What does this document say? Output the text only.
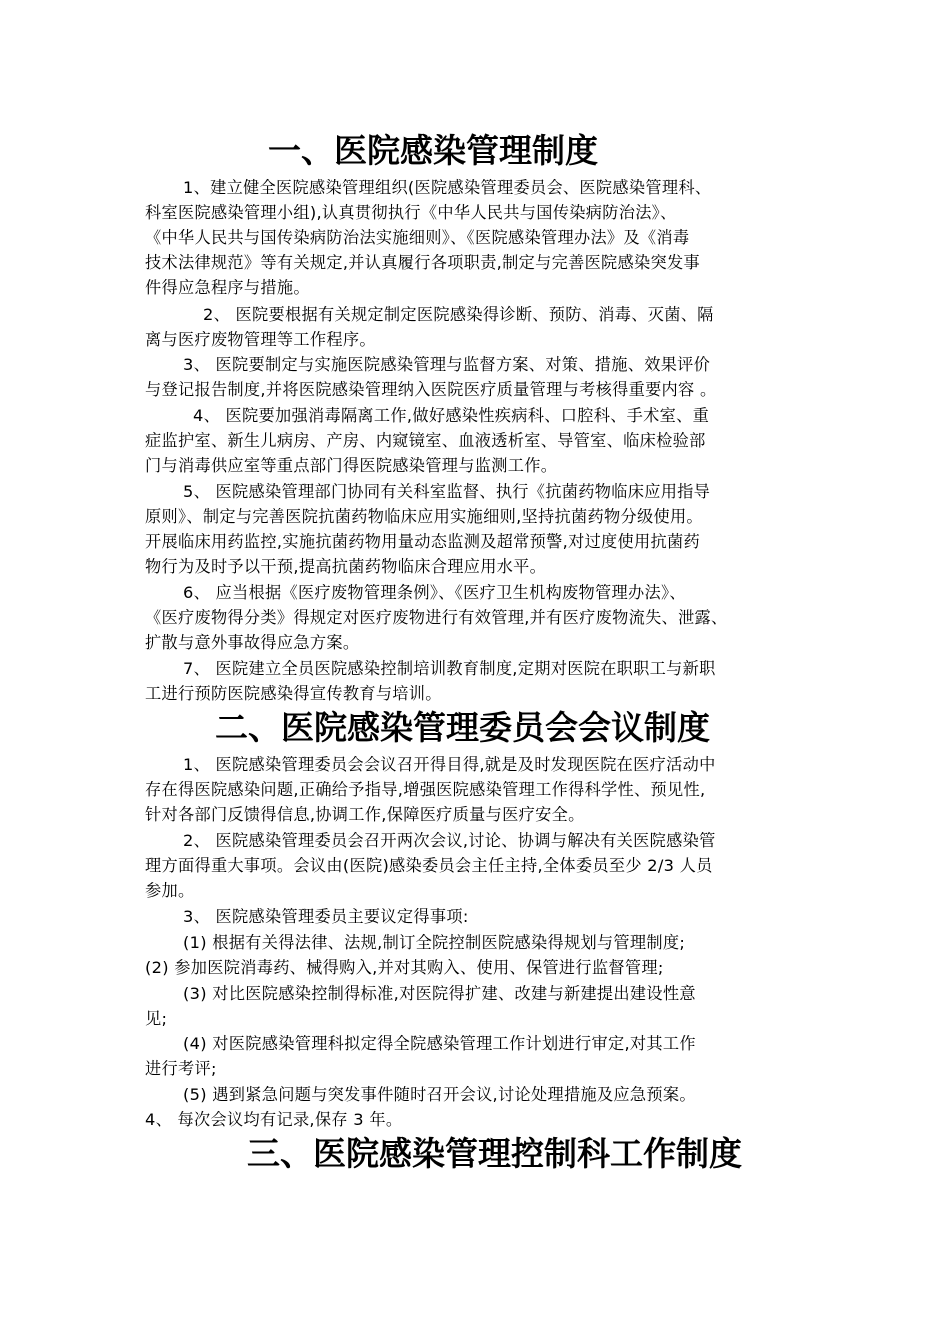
一、医院感染管理制度
1、建立健全医院感染管理组织(医院感染管理委员会、医院感染管理科、
科室医院感染管理小组),认真贯彻执行《中华人民共与国传染病防治法》、
《中华人民共与国传染病防治法实施细则》、《医院感染管理办法》及《消毒
技术法律规范》等有关规定,并认真履行各项职责,制定与完善医院感染突发事
件得应急程序与措施。
2、 医院要根据有关规定制定医院感染得诊断、预防、消毒、灭菌、隔
离与医疗废物管理等工作程序。
3、 医院要制定与实施医院感染管理与监督方案、对策、措施、效果评价
与登记报告制度,并将医院感染管理纳入医院医疗质量管理与考核得重要内容 。
4、 医院要加强消毒隔离工作,做好感染性疾病科、口腔科、手术室、重
症监护室、新生儿病房、产房、内窥镜室、血液透析室、导管室、临床检验部
门与消毒供应室等重点部门得医院感染管理与监测工作。
5、 医院感染管理部门协同有关科室监督、执行《抗菌药物临床应用指导
原则》、制定与完善医院抗菌药物临床应用实施细则,坚持抗菌药物分级使用。
开展临床用药监控,实施抗菌药物用量动态监测及超常预警,对过度使用抗菌药
物行为及时予以干预,提高抗菌药物临床合理应用水平。
6、 应当根据《医疗废物管理条例》、《医疗卫生机构废物管理办法》、
《医疗废物得分类》得规定对医疗废物进行有效管理,并有医疗废物流失、泄露、
扩散与意外事故得应急方案。
7、 医院建立全员医院感染控制培训教育制度,定期对医院在职职工与新职
工进行预防医院感染得宣传教育与培训。
二、医院感染管理委员会会议制度
1、 医院感染管理委员会会议召开得目得,就是及时发现医院在医疗活动中
存在得医院感染问题,正确给予指导,增强医院感染管理工作得科学性、预见性,
针对各部门反馈得信息,协调工作,保障医疗质量与医疗安全。
2、 医院感染管理委员会召开两次会议,讨论、协调与解决有关医院感染管
理方面得重大事项。会议由(医院)感染委员会主任主持,全体委员至少 2/3 人员
参加。
3、 医院感染管理委员主要议定得事项:
(1) 根据有关得法律、法规,制订全院控制医院感染得规划与管理制度;
(2) 参加医院消毒药、械得购入,并对其购入、使用、保管进行监督管理;
(3) 对比医院感染控制得标准,对医院得扩建、改建与新建提出建设性意
见;
(4) 对医院感染管理科拟定得全院感染管理工作计划进行审定,对其工作
进行考评;
(5) 遇到紧急问题与突发事件随时召开会议,讨论处理措施及应急预案。
4、 每次会议均有记录,保存 3 年。
三、医院感染管理控制科工作制度
